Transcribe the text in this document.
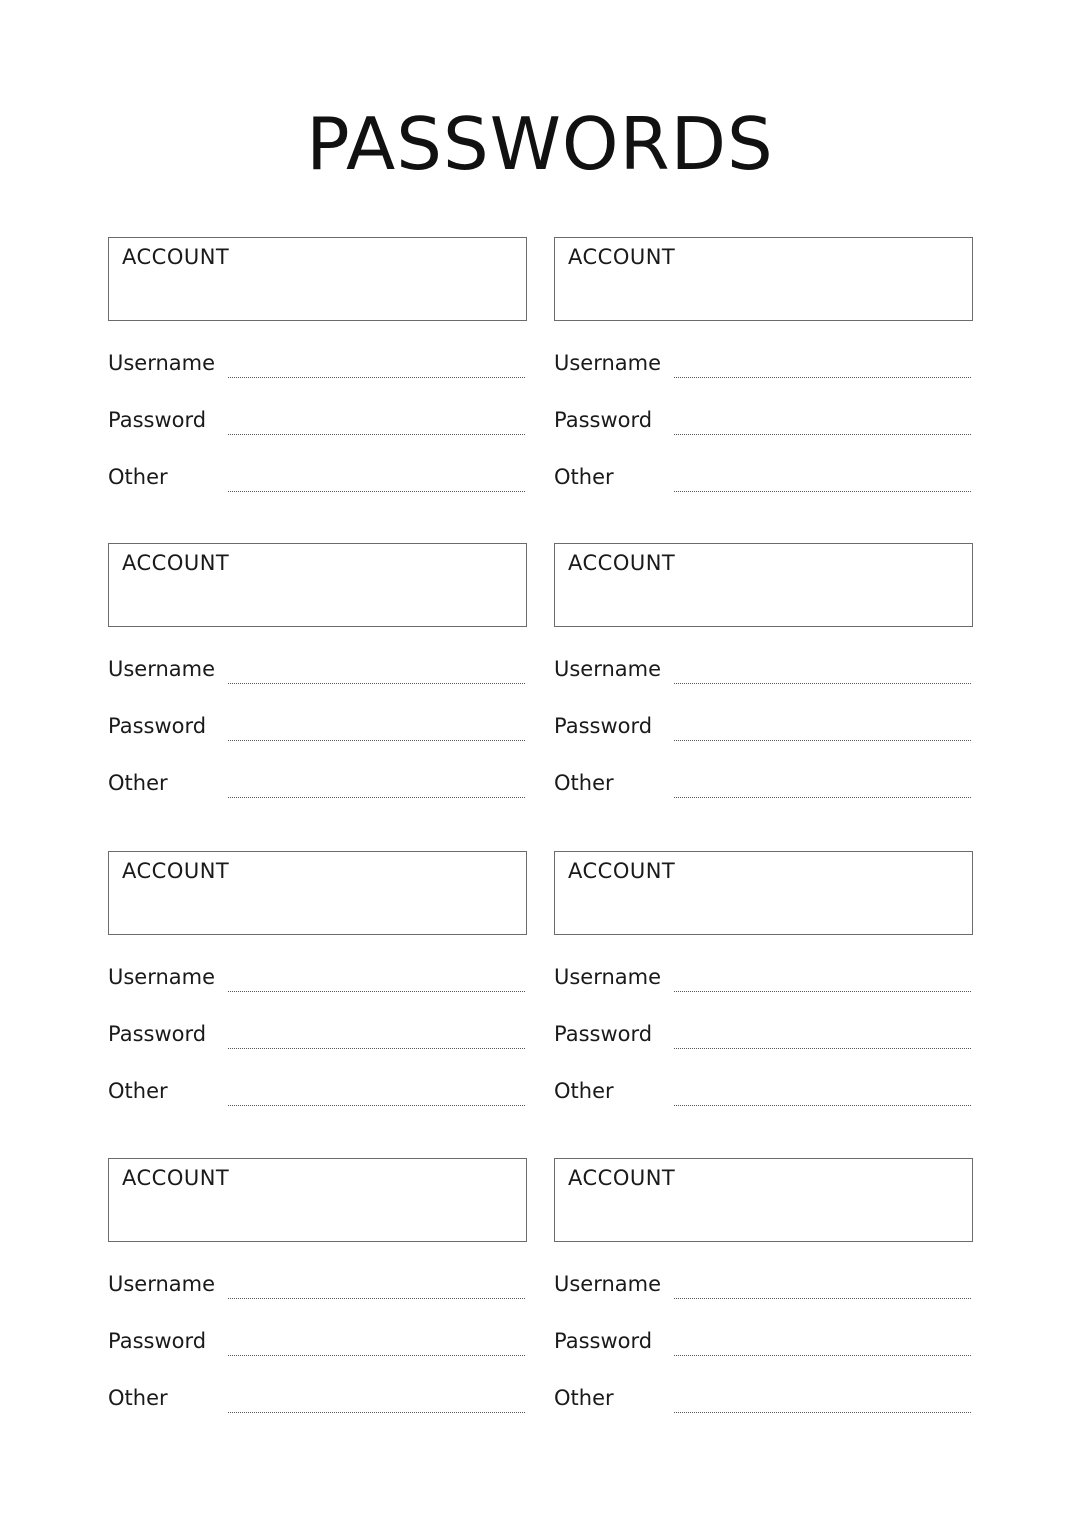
PASSWORDS
ACCOUNT
Username
Password
Other
ACCOUNT
Username
Password
Other
ACCOUNT
Username
Password
Other
ACCOUNT
Username
Password
Other
ACCOUNT
Username
Password
Other
ACCOUNT
Username
Password
Other
ACCOUNT
Username
Password
Other
ACCOUNT
Username
Password
Other
